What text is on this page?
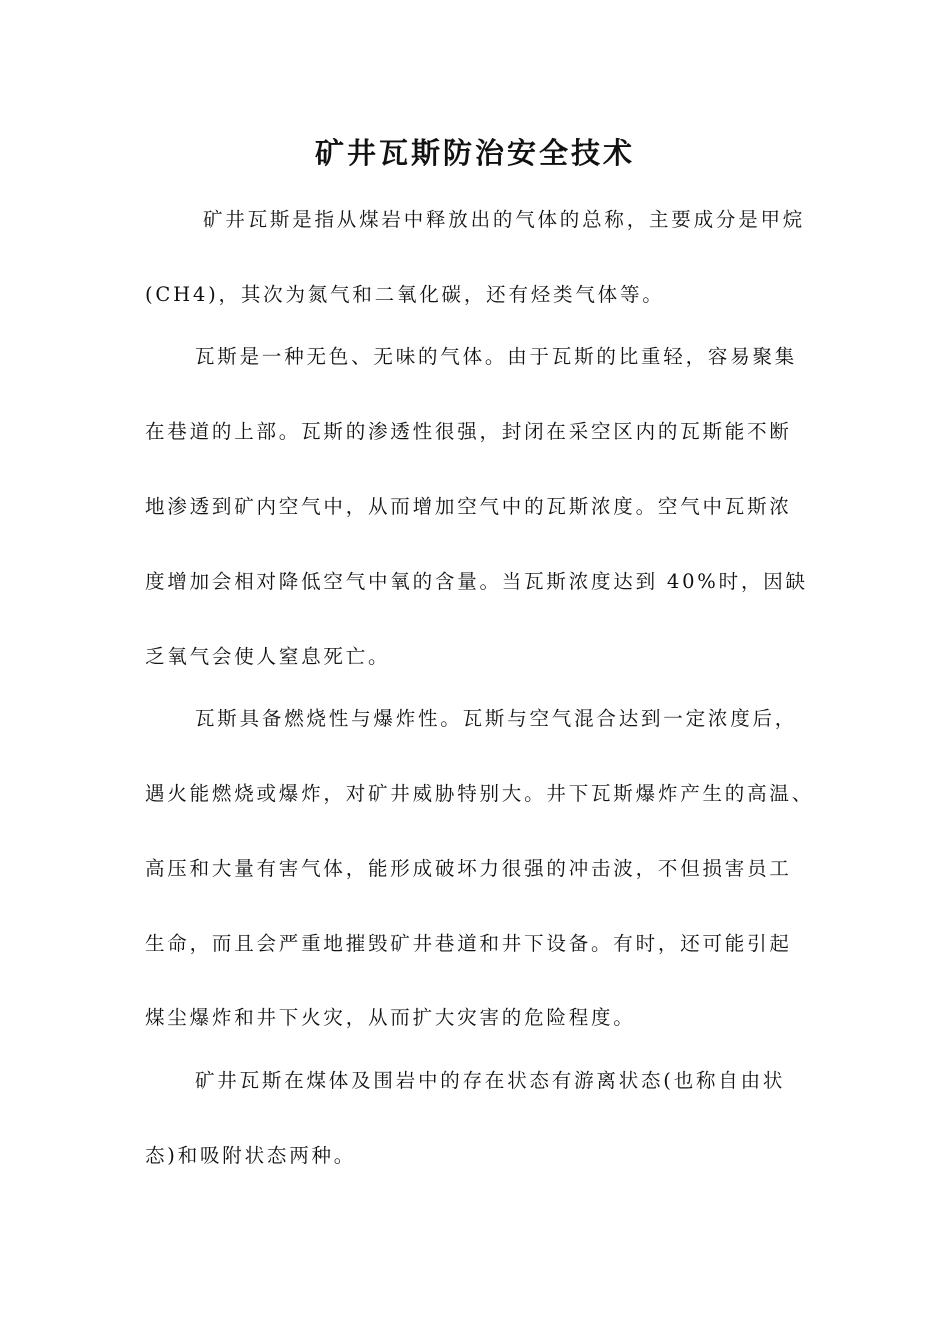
矿井瓦斯防治安全技术
矿井瓦斯是指从煤岩中释放出的气体的总称，主要成分是甲烷
(CH4)，其次为氮气和二氧化碳，还有烃类气体等。
瓦斯是一种无色、无味的气体。由于瓦斯的比重轻，容易聚集
在巷道的上部。瓦斯的渗透性很强，封闭在采空区内的瓦斯能不断
地渗透到矿内空气中，从而增加空气中的瓦斯浓度。空气中瓦斯浓
度增加会相对降低空气中氧的含量。当瓦斯浓度达到 40%时，因缺
乏氧气会使人窒息死亡。
瓦斯具备燃烧性与爆炸性。瓦斯与空气混合达到一定浓度后，
遇火能燃烧或爆炸，对矿井威胁特别大。井下瓦斯爆炸产生的高温、
高压和大量有害气体，能形成破坏力很强的冲击波，不但损害员工
生命，而且会严重地摧毁矿井巷道和井下设备。有时，还可能引起
煤尘爆炸和井下火灾，从而扩大灾害的危险程度。
矿井瓦斯在煤体及围岩中的存在状态有游离状态(也称自由状
态)和吸附状态两种。
